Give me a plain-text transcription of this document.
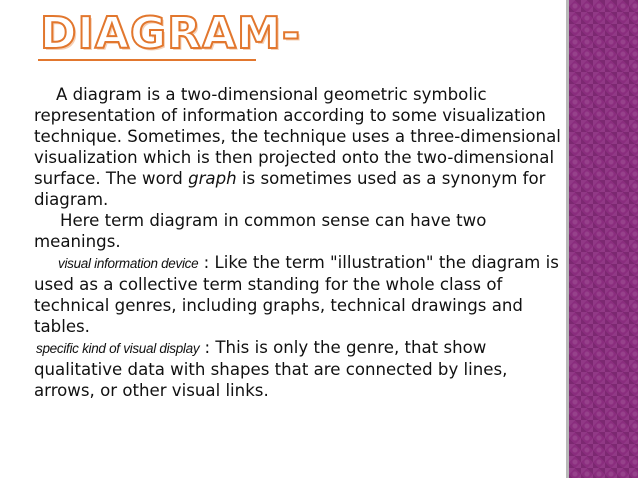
DIAGRAM-

A diagram is a two-dimensional geometric symbolic representation of information according to some visualization technique. Sometimes, the technique uses a three-dimensional visualization which is then projected onto the two-dimensional surface. The word graph is sometimes used as a synonym for diagram.

Here term diagram in common sense can have two meanings.

visual information device : Like the term "illustration" the diagram is used as a collective term standing for the whole class of technical genres, including graphs, technical drawings and tables.

specific kind of visual display : This is only the genre, that show qualitative data with shapes that are connected by lines, arrows, or other visual links.
